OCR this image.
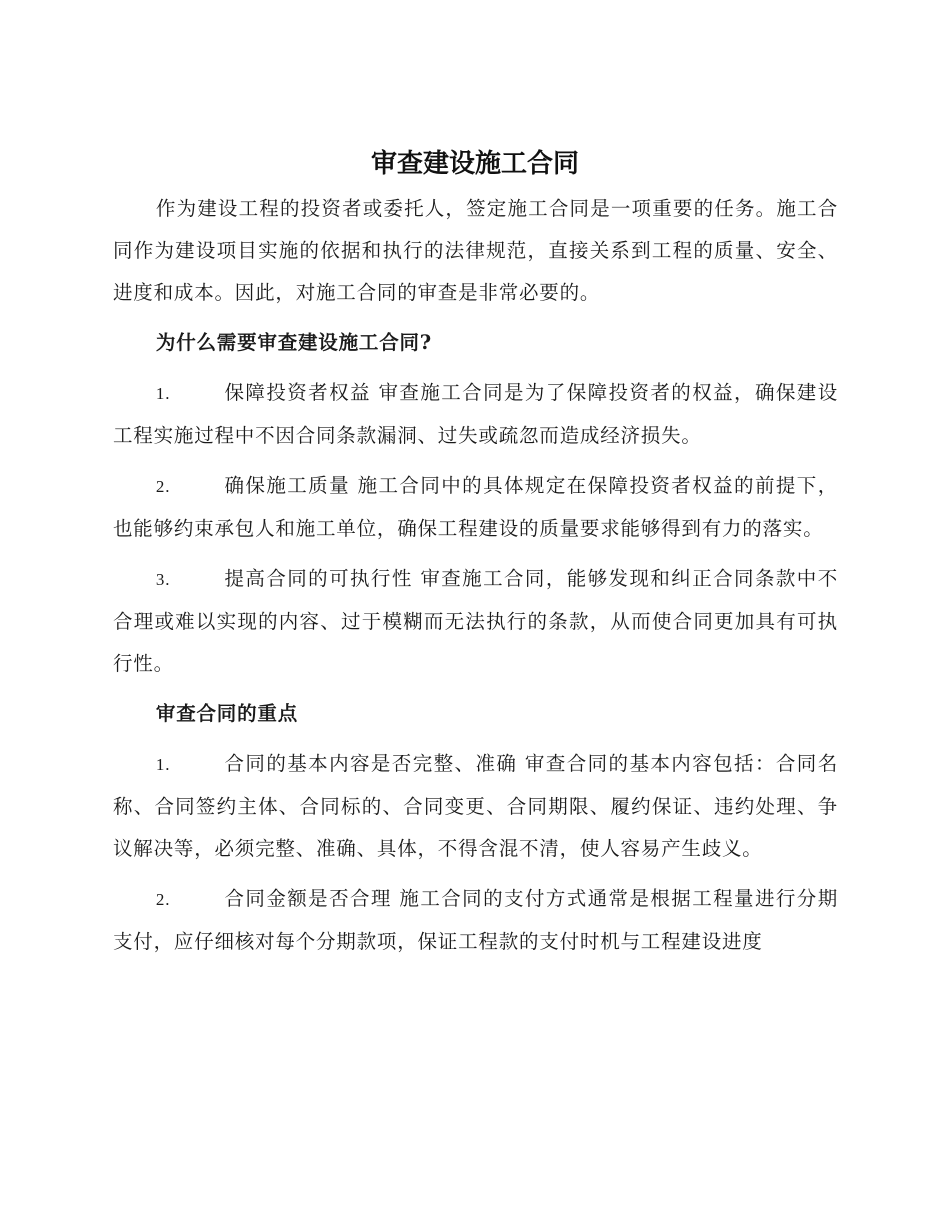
审查建设施工合同

作为建设工程的投资者或委托人，签定施工合同是一项重要的任务。施工合同作为建设项目实施的依据和执行的法律规范，直接关系到工程的质量、安全、进度和成本。因此，对施工合同的审查是非常必要的。

为什么需要审查建设施工合同?

1.	保障投资者权益 审查施工合同是为了保障投资者的权益，确保建设工程实施过程中不因合同条款漏洞、过失或疏忽而造成经济损失。

2.	确保施工质量 施工合同中的具体规定在保障投资者权益的前提下，也能够约束承包人和施工单位，确保工程建设的质量要求能够得到有力的落实。

3.	提高合同的可执行性 审查施工合同，能够发现和纠正合同条款中不合理或难以实现的内容、过于模糊而无法执行的条款，从而使合同更加具有可执行性。

审查合同的重点

1.	合同的基本内容是否完整、准确 审查合同的基本内容包括：合同名称、合同签约主体、合同标的、合同变更、合同期限、履约保证、违约处理、争议解决等，必须完整、准确、具体，不得含混不清，使人容易产生歧义。

2.	合同金额是否合理 施工合同的支付方式通常是根据工程量进行分期支付，应仔细核对每个分期款项，保证工程款的支付时机与工程建设进度
